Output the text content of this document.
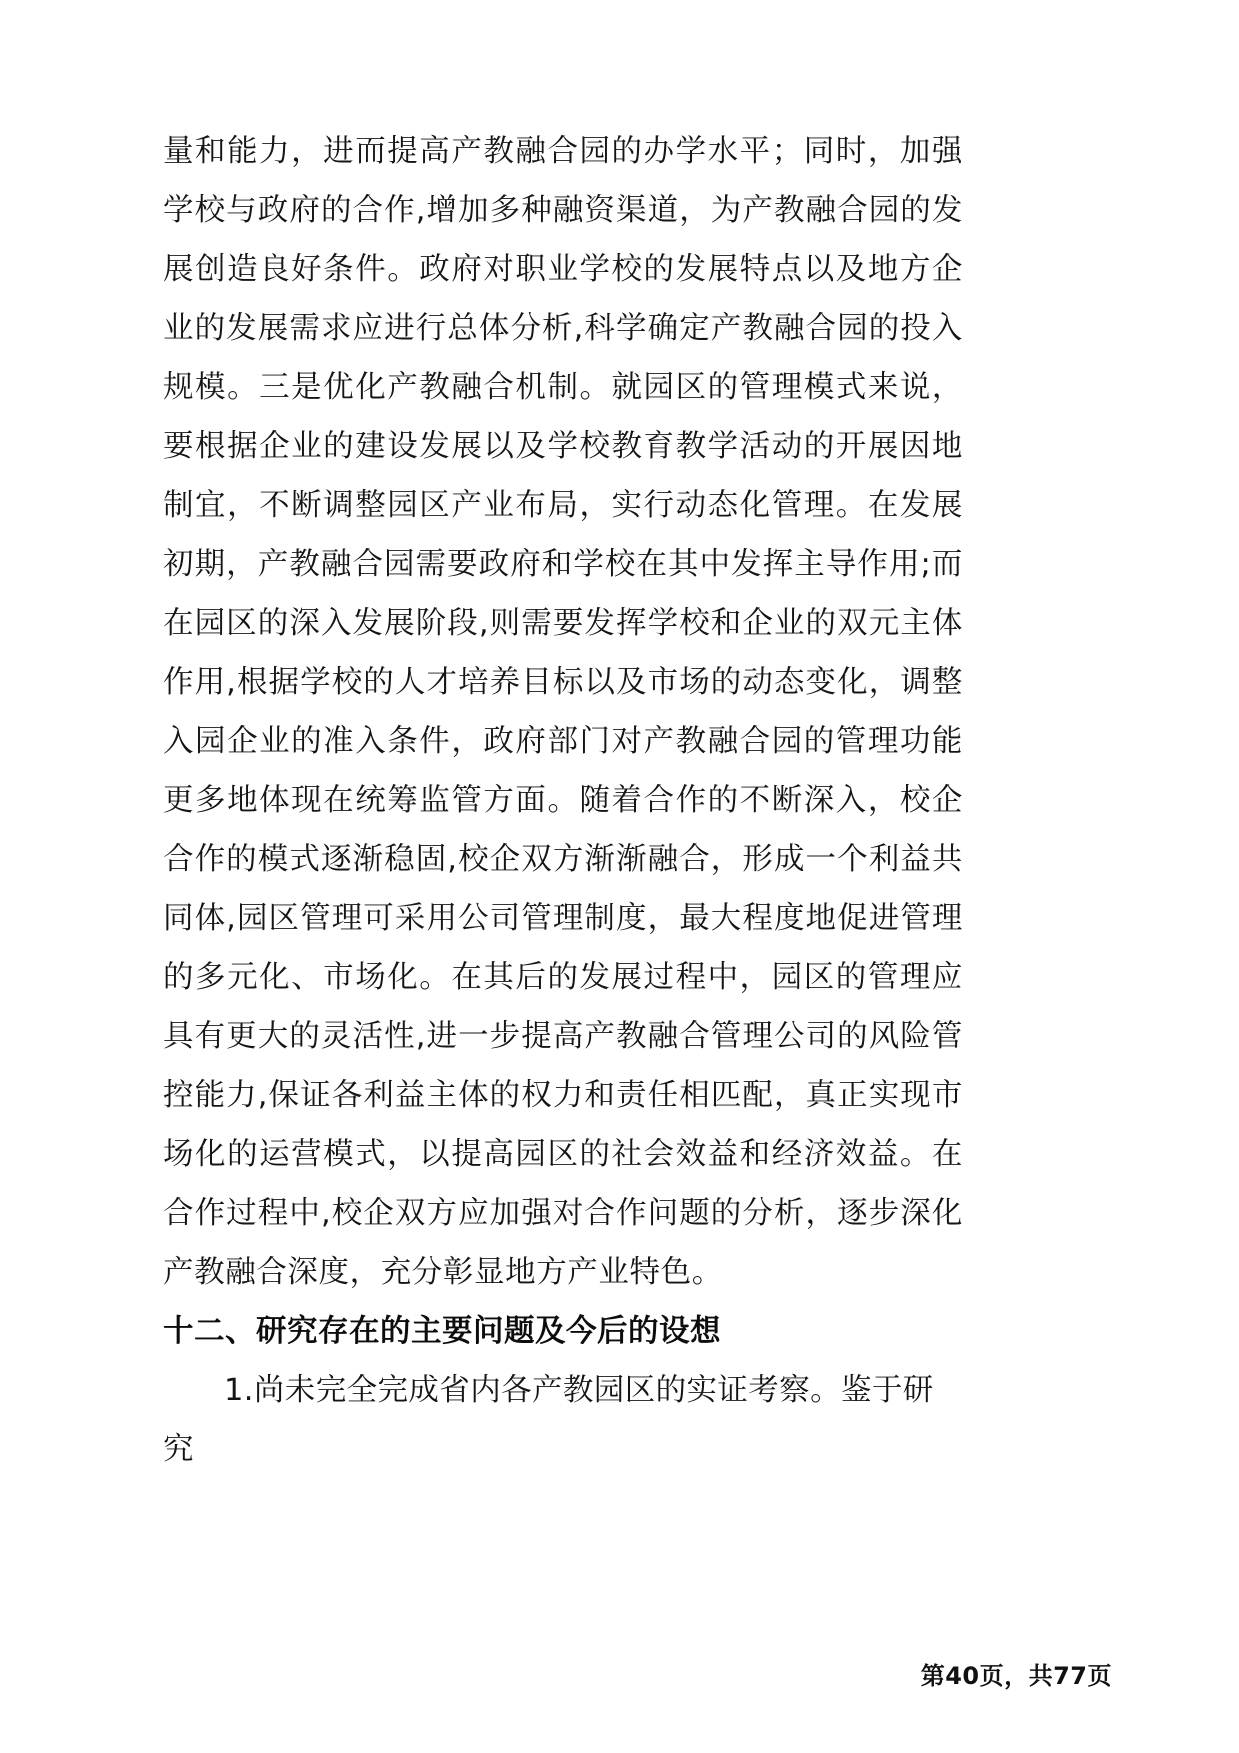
量和能力，进而提高产教融合园的办学水平；同时，加强学校与政府的合作,增加多种融资渠道，为产教融合园的发展创造良好条件。政府对职业学校的发展特点以及地方企业的发展需求应进行总体分析,科学确定产教融合园的投入规模。三是优化产教融合机制。就园区的管理模式来说，要根据企业的建设发展以及学校教育教学活动的开展因地制宜，不断调整园区产业布局，实行动态化管理。在发展初期，产教融合园需要政府和学校在其中发挥主导作用;而在园区的深入发展阶段,则需要发挥学校和企业的双元主体作用,根据学校的人才培养目标以及市场的动态变化，调整入园企业的准入条件，政府部门对产教融合园的管理功能更多地体现在统筹监管方面。随着合作的不断深入，校企合作的模式逐渐稳固,校企双方渐渐融合，形成一个利益共同体,园区管理可采用公司管理制度，最大程度地促进管理的多元化、市场化。在其后的发展过程中，园区的管理应具有更大的灵活性,进一步提高产教融合管理公司的风险管控能力,保证各利益主体的权力和责任相匹配，真正实现市场化的运营模式，以提高园区的社会效益和经济效益。在合作过程中,校企双方应加强对合作问题的分析，逐步深化产教融合深度，充分彰显地方产业特色。

十二、研究存在的主要问题及今后的设想

1.尚未完全完成省内各产教园区的实证考察。鉴于研究

第40页，共77页
